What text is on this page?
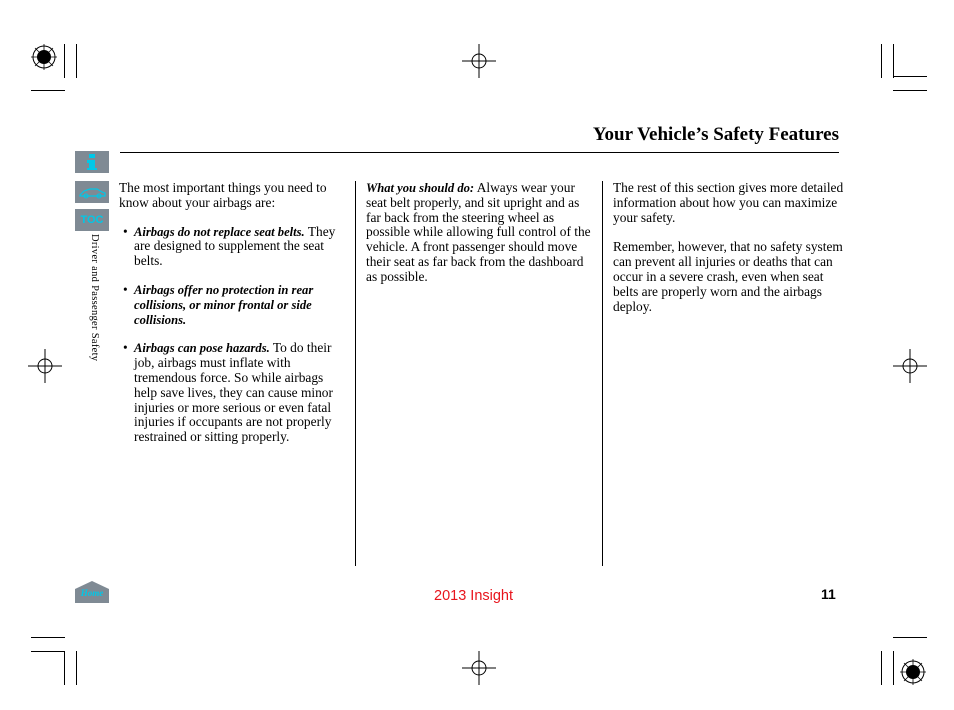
Your Vehicle’s Safety Features
TOC
Driver and Passenger Safety
Home

The most important things you need to know about your airbags are:

• Airbags do not replace seat belts. They are designed to supplement the seat belts.
• Airbags offer no protection in rear collisions, or minor frontal or side collisions.
• Airbags can pose hazards. To do their job, airbags must inflate with tremendous force. So while airbags help save lives, they can cause minor injuries or more serious or even fatal injuries if occupants are not properly restrained or sitting properly.

What you should do: Always wear your seat belt properly, and sit upright and as far back from the steering wheel as possible while allowing full control of the vehicle. A front passenger should move their seat as far back from the dashboard as possible.

The rest of this section gives more detailed information about how you can maximize your safety.

Remember, however, that no safety system can prevent all injuries or deaths that can occur in a severe crash, even when seat belts are properly worn and the airbags deploy.

2013 Insight	11
